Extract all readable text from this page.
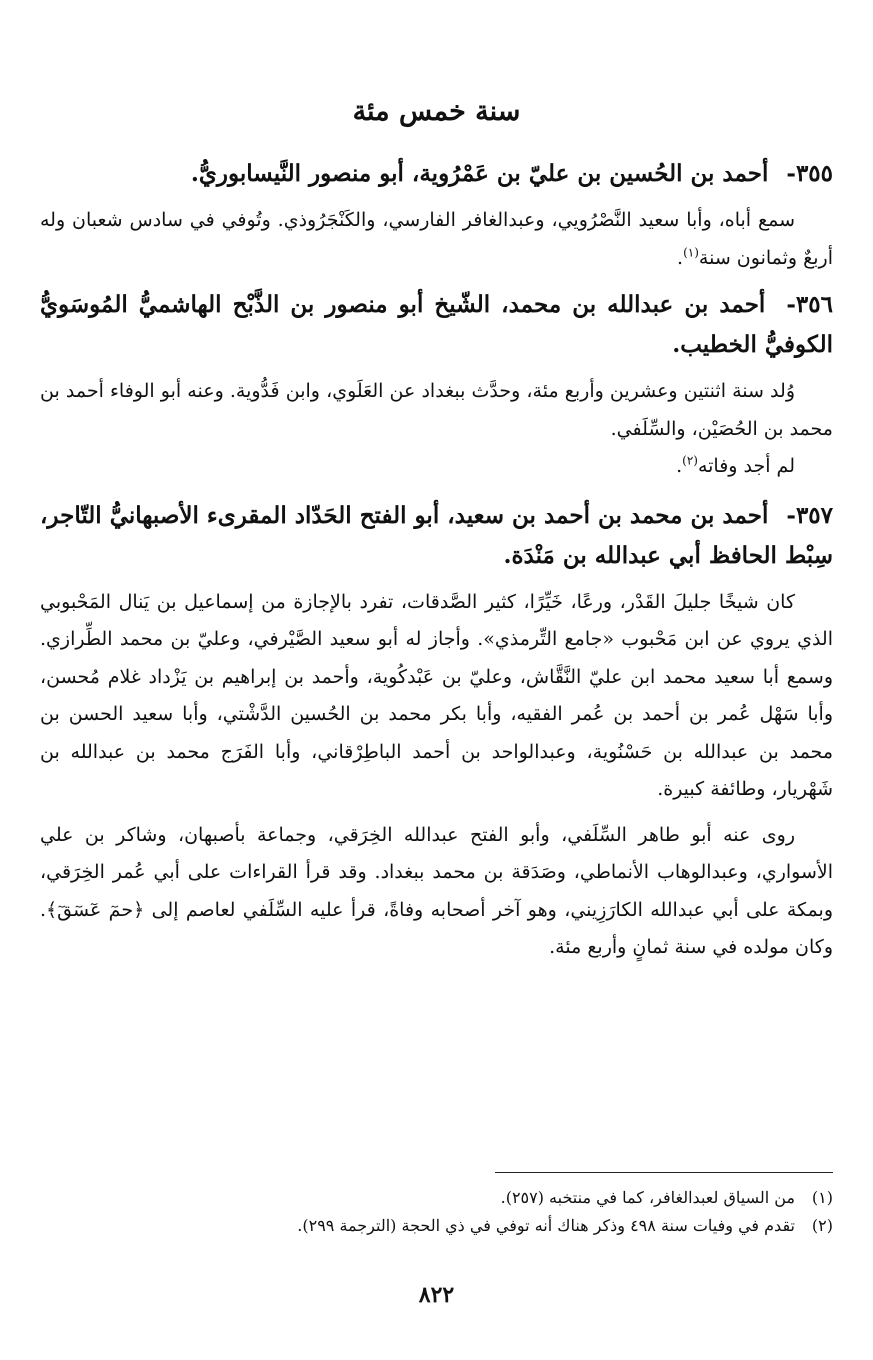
سنة خمس مئة
٣٥٥- أحمد بن الحُسين بن عليّ بن عَمْرُوية، أبو منصور النَّيسابوريُّ.

سمع أباه، وأبا سعيد النَّصْرُويي، وعبدالغافر الفارسي، والكَنْجَرُوذي. وتُوفي في سادس شعبان وله أربعٌ وثمانون سنة$^{(١)}$.

٣٥٦- أحمد بن عبدالله بن محمد، الشّيخ أبو منصور بن الذَّبْح الهاشميُّ المُوسَويُّ الكوفيُّ الخطيب.

وُلد سنة اثنتين وعشرين وأربع مئة، وحدَّث ببغداد عن العَلَوي، وابن فَدُّوية. وعنه أبو الوفاء أحمد بن محمد بن الحُصَيْن، والسِّلَفي.

لم أجد وفاته$^{(٢)}$.

٣٥٧- أحمد بن محمد بن أحمد بن سعيد، أبو الفتح الحَدّاد المقرىء الأصبهانيُّ التّاجر، سِبْط الحافظ أبي عبدالله بن مَنْدَة.

كان شيخًا جليلَ القَدْر، ورعًا، خَيِّرًا، كثير الصَّدقات، تفرد بالإجازة من إسماعيل بن يَنال المَحْبوبي الذي يروي عن ابن مَحْبوب «جامع التِّرمذي». وأجاز له أبو سعيد الصَّيْرفي، وعليّ بن محمد الطِّرازي. وسمع أبا سعيد محمد ابن عليّ النَّقَّاش، وعليّ بن عَبْدكُوية، وأحمد بن إبراهيم بن يَزْداد غلام مُحسن، وأبا سَهْل عُمر بن أحمد بن عُمر الفقيه، وأبا بكر محمد بن الحُسين الدَّشْتي، وأبا سعيد الحسن بن محمد بن عبدالله بن حَسْنُوية، وعبدالواحد بن أحمد الباطِرْقاني، وأبا الفَرَج محمد بن عبدالله بن شَهْريار، وطائفة كبيرة.

روى عنه أبو طاهر السِّلَفي، وأبو الفتح عبدالله الخِرَقي، وجماعة بأصبهان، وشاكر بن علي الأسواري، وعبدالوهاب الأنماطي، وصَدَقة بن محمد ببغداد. وقد قرأ القراءات على أبي عُمر الخِرَقي، وبمكة على أبي عبدالله الكارَزِيني، وهو آخر أصحابه وفاةً، قرأ عليه السِّلَفي لعاصم إلى ﴿حمٓ عٓسٓقٓ﴾. وكان مولده في سنة ثمانٍ وأربع مئة.

(١)من السياق لعبدالغافر، كما في منتخبه (٢٥٧).

(٢)تقدم في وفيات سنة ٤٩٨ وذكر هناك أنه توفي في ذي الحجة (الترجمة ٢٩٩).

٨٢٢
